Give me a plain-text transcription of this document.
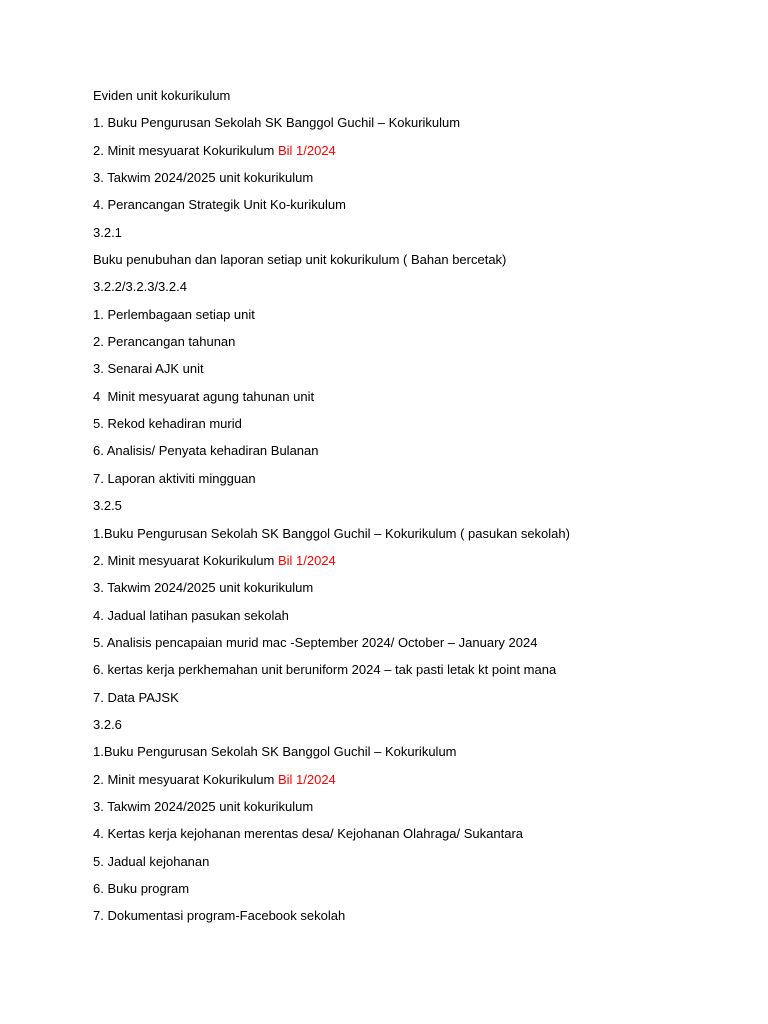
Eviden unit kokurikulum
1. Buku Pengurusan Sekolah SK Banggol Guchil – Kokurikulum
2. Minit mesyuarat Kokurikulum Bil 1/2024
3. Takwim 2024/2025 unit kokurikulum
4. Perancangan Strategik Unit Ko-kurikulum
3.2.1
Buku penubuhan dan laporan setiap unit kokurikulum ( Bahan bercetak)
3.2.2/3.2.3/3.2.4
1. Perlembagaan setiap unit
2. Perancangan tahunan
3. Senarai AJK unit
4  Minit mesyuarat agung tahunan unit
5. Rekod kehadiran murid
6. Analisis/ Penyata kehadiran Bulanan
7. Laporan aktiviti mingguan
3.2.5
1.Buku Pengurusan Sekolah SK Banggol Guchil – Kokurikulum ( pasukan sekolah)
2. Minit mesyuarat Kokurikulum Bil 1/2024
3. Takwim 2024/2025 unit kokurikulum
4. Jadual latihan pasukan sekolah
5. Analisis pencapaian murid mac -September 2024/ October – January 2024
6. kertas kerja perkhemahan unit beruniform 2024 – tak pasti letak kt point mana
7. Data PAJSK
3.2.6
1.Buku Pengurusan Sekolah SK Banggol Guchil – Kokurikulum
2. Minit mesyuarat Kokurikulum Bil 1/2024
3. Takwim 2024/2025 unit kokurikulum
4. Kertas kerja kejohanan merentas desa/ Kejohanan Olahraga/ Sukantara
5. Jadual kejohanan
6. Buku program
7. Dokumentasi program-Facebook sekolah
